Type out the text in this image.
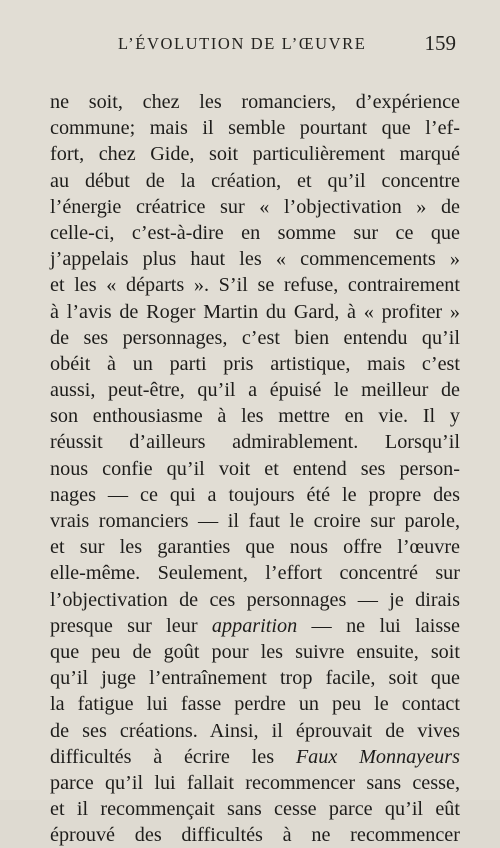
L’ÉVOLUTION DE L’ŒUVRE	159
ne soit, chez les romanciers, d’expérience
commune; mais il semble pourtant que l’ef-
fort, chez Gide, soit particulièrement marqué
au début de la création, et qu’il concentre
l’énergie créatrice sur « l’objectivation » de
celle-ci, c’est-à-dire en somme sur ce que
j’appelais plus haut les « commencements »
et les « départs ». S’il se refuse, contrairement
à l’avis de Roger Martin du Gard, à « profiter »
de ses personnages, c’est bien entendu qu’il
obéit à un parti pris artistique, mais c’est
aussi, peut-être, qu’il a épuisé le meilleur de
son enthousiasme à les mettre en vie. Il y
réussit d’ailleurs admirablement. Lorsqu’il
nous confie qu’il voit et entend ses person-
nages — ce qui a toujours été le propre des
vrais romanciers — il faut le croire sur parole,
et sur les garanties que nous offre l’œuvre
elle-même. Seulement, l’effort concentré sur
l’objectivation de ces personnages — je dirais
presque sur leur apparition — ne lui laisse
que peu de goût pour les suivre ensuite, soit
qu’il juge l’entraînement trop facile, soit que
la fatigue lui fasse perdre un peu le contact
de ses créations. Ainsi, il éprouvait de vives
difficultés à écrire les Faux Monnayeurs
parce qu’il lui fallait recommencer sans cesse,
et il recommençait sans cesse parce qu’il eût
éprouvé des difficultés à ne recommencer
